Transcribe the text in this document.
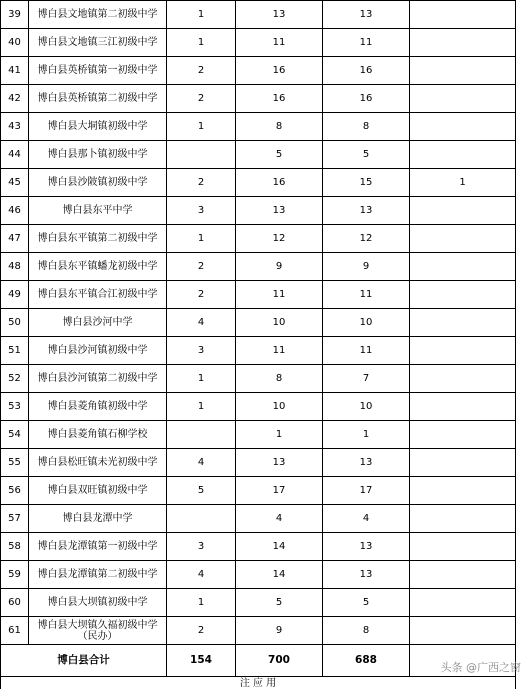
39	博白县文地镇第二初级中学	1	13	13	
40	博白县文地镇三江初级中学	1	11	11	
41	博白县英桥镇第一初级中学	2	16	16	
42	博白县英桥镇第二初级中学	2	16	16	
43	博白县大垌镇初级中学	1	8	8	
44	博白县那卜镇初级中学		5	5	
45	博白县沙陂镇初级中学	2	16	15	1
46	博白县东平中学	3	13	13	
47	博白县东平镇第二初级中学	1	12	12	
48	博白县东平镇蟠龙初级中学	2	9	9	
49	博白县东平镇合江初级中学	2	11	11	
50	博白县沙河中学	4	10	10	
51	博白县沙河镇初级中学	3	11	11	
52	博白县沙河镇第二初级中学	1	8	7	
53	博白县菱角镇初级中学	1	10	10	
54	博白县菱角镇石柳学校		1	1	
55	博白县松旺镇未光初级中学	4	13	13	
56	博白县双旺镇初级中学	5	17	17	
57	博白县龙潭中学		4	4	
58	博白县龙潭镇第一初级中学	3	14	13	
59	博白县龙潭镇第二初级中学	4	14	13	
60	博白县大坝镇初级中学	1	5	5	
61	博白县大坝镇久福初级中学（民办）	2	9	8	
博白县合计		154	700	688	
注 应 用					
头条 @广西之窗
